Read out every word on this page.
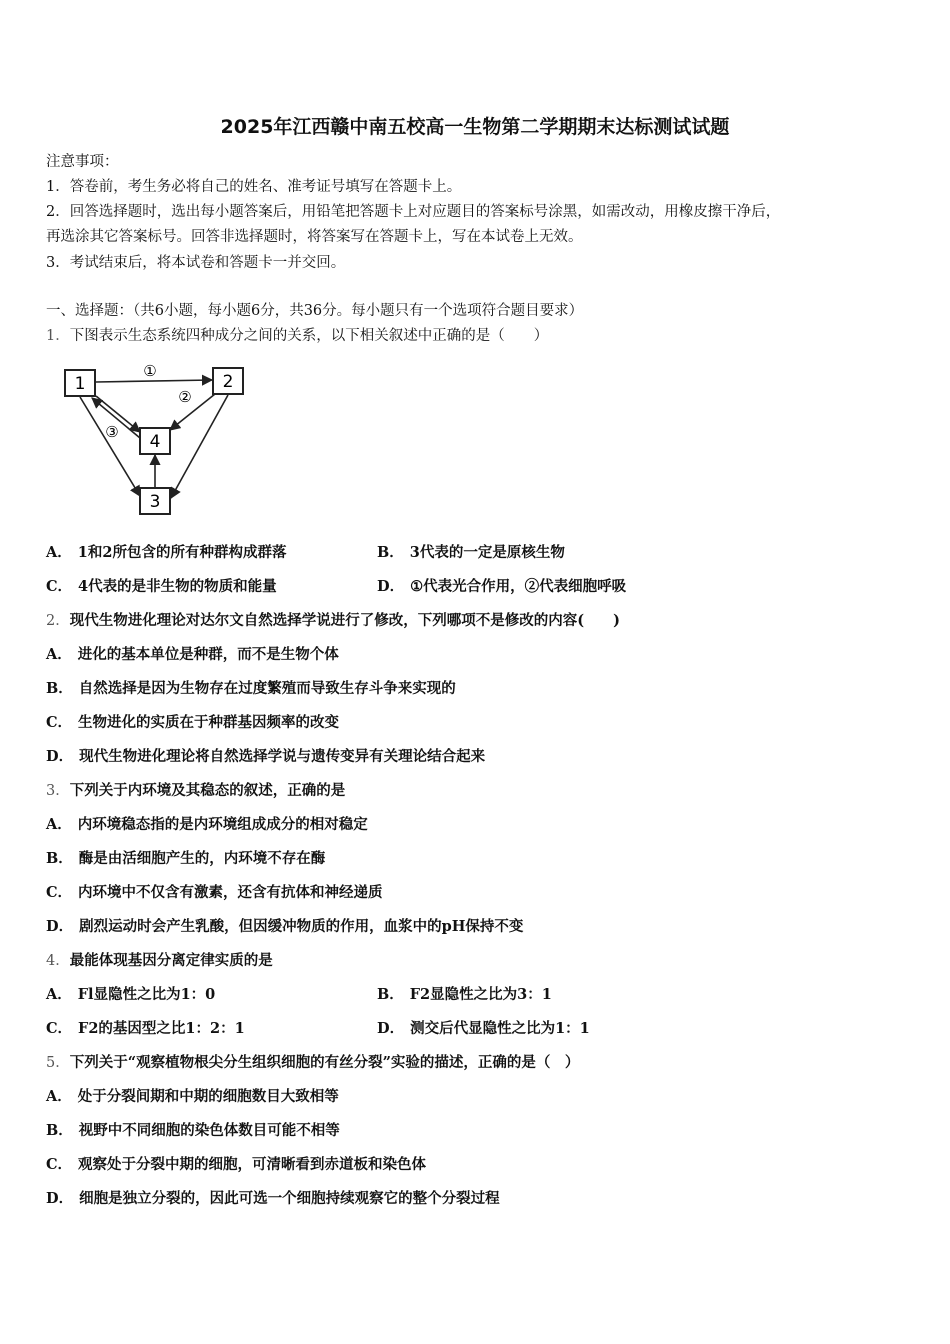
2025年江西赣中南五校高一生物第二学期期末达标测试试题
注意事项：
1．答卷前，考生务必将自己的姓名、准考证号填写在答题卡上。
2．回答选择题时，选出每小题答案后，用铅笔把答题卡上对应题目的答案标号涂黑，如需改动，用橡皮擦干净后，
再选涂其它答案标号。回答非选择题时，将答案写在答题卡上，写在本试卷上无效。
3．考试结束后，将本试卷和答题卡一并交回。
一、选择题：（共6小题，每小题6分，共36分。每小题只有一个选项符合题目要求）
1．下图表示生态系统四种成分之间的关系，以下相关叙述中正确的是（　　）
1	2
3
4
①
②
③
A． 1和2所包含的所有种群构成群落	B． 3代表的一定是原核生物
C． 4代表的是非生物的物质和能量	D． ①代表光合作用，②代表细胞呼吸
2．现代生物进化理论对达尔文自然选择学说进行了修改，下列哪项不是修改的内容(　　)
A． 进化的基本单位是种群，而不是生物个体
B． 自然选择是因为生物存在过度繁殖而导致生存斗争来实现的
C． 生物进化的实质在于种群基因频率的改变
D． 现代生物进化理论将自然选择学说与遗传变异有关理论结合起来
3．下列关于内环境及其稳态的叙述，正确的是
A． 内环境稳态指的是内环境组成成分的相对稳定
B． 酶是由活细胞产生的，内环境不存在酶
C． 内环境中不仅含有激素，还含有抗体和神经递质
D． 剧烈运动时会产生乳酸，但因缓冲物质的作用，血浆中的pH保持不变
4．最能体现基因分离定律实质的是
A． Fl显隐性之比为1：0	B． F2显隐性之比为3：1
C． F2的基因型之比1：2：1	D． 测交后代显隐性之比为1：1
5．下列关于“观察植物根尖分生组织细胞的有丝分裂”实验的描述，正确的是（　）
A． 处于分裂间期和中期的细胞数目大致相等
B． 视野中不同细胞的染色体数目可能不相等
C． 观察处于分裂中期的细胞，可清晰看到赤道板和染色体
D． 细胞是独立分裂的，因此可选一个细胞持续观察它的整个分裂过程
